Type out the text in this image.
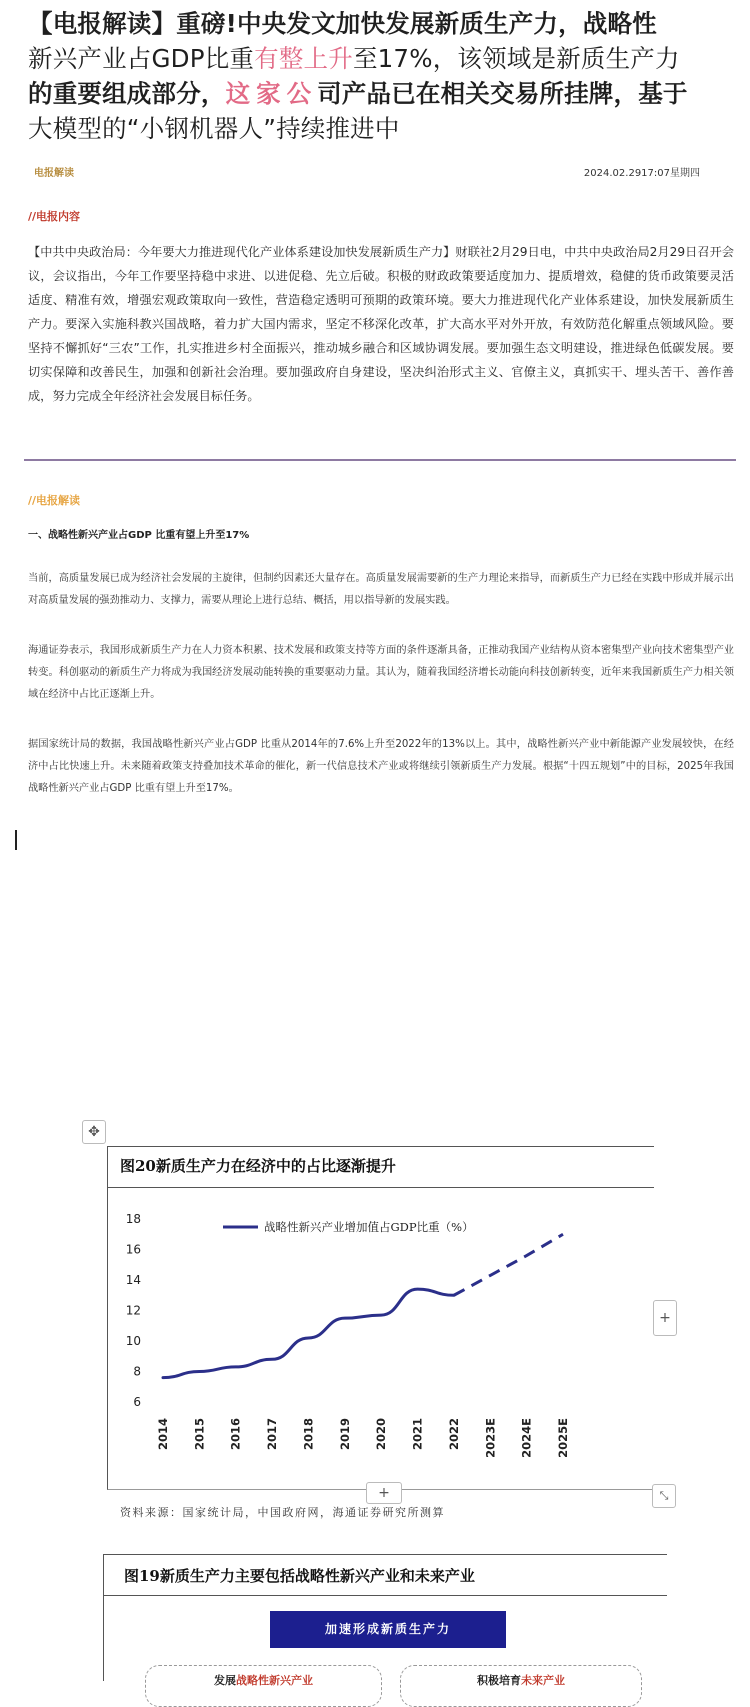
【电报解读】重磅!中央发文加快发展新质生产力，战略性
新兴产业占GDP比重有整上升至17%，该领域是新质生产力
的重要组成部分，这家公司产品已在相关交易所挂牌，基于
大模型的“小钢机器人”持续推进中
电报解读	2024.02.2917:07星期四
//电报内容
【中共中央政治局：今年要大力推进现代化产业体系建设加快发展新质生产力】财联社2月29日电，中共中央政治局2月29日召开会议，会议指出，今年工作要坚持稳中求进、以进促稳、先立后破。积极的财政政策要适度加力、提质增效，稳健的货币政策要灵活适度、精准有效，增强宏观政策取向一致性，营造稳定透明可预期的政策环境。要大力推进现代化产业体系建设，加快发展新质生产力。要深入实施科教兴国战略，着力扩大国内需求，坚定不移深化改革，扩大高水平对外开放，有效防范化解重点领域风险。要坚持不懈抓好“三农”工作，扎实推进乡村全面振兴，推动城乡融合和区域协调发展。要加强生态文明建设，推进绿色低碳发展。要切实保障和改善民生，加强和创新社会治理。要加强政府自身建设，坚决纠治形式主义、官僚主义，真抓实干、埋头苦干、善作善成，努力完成全年经济社会发展目标任务。
//电报解读
一、战略性新兴产业占GDP 比重有望上升至17%
当前，高质量发展已成为经济社会发展的主旋律，但制约因素还大量存在。高质量发展需要新的生产力理论来指导，而新质生产力已经在实践中形成并展示出对高质量发展的强劲推动力、支撑力，需要从理论上进行总结、概括，用以指导新的发展实践。
海通证券表示，我国形成新质生产力在人力资本积累、技术发展和政策支持等方面的条件逐渐具备，正推动我国产业结构从资本密集型产业向技术密集型产业转变。科创驱动的新质生产力将成为我国经济发展动能转换的重要驱动力量。其认为，随着我国经济增长动能向科技创新转变，近年来我国新质生产力相关领域在经济中占比正逐渐上升。
据国家统计局的数据，我国战略性新兴产业占GDP 比重从2014年的7.6%上升至2022年的13%以上。其中，战略性新兴产业中新能源产业发展较快，在经济中占比快速上升。未来随着政策支持叠加技术革命的催化，新一代信息技术产业或将继续引领新质生产力发展。根据“十四五规划”中的目标，2025年我国战略性新兴产业占GDP 比重有望上升至17%。
✥
图20新质生产力在经济中的占比逐渐提升
6
8
10
12
14
16
18
2014 2015 2016 2017 2018 2019 2020 2021 2022 2023E 2024E 2025E
战略性新兴产业增加值占GDP比重（%）
+
+	⤡
资料来源：国家统计局，中国政府网，海通证券研究所测算
图19新质生产力主要包括战略性新兴产业和未来产业
加速形成新质生产力
发展战略性新兴产业	积极培育未来产业
